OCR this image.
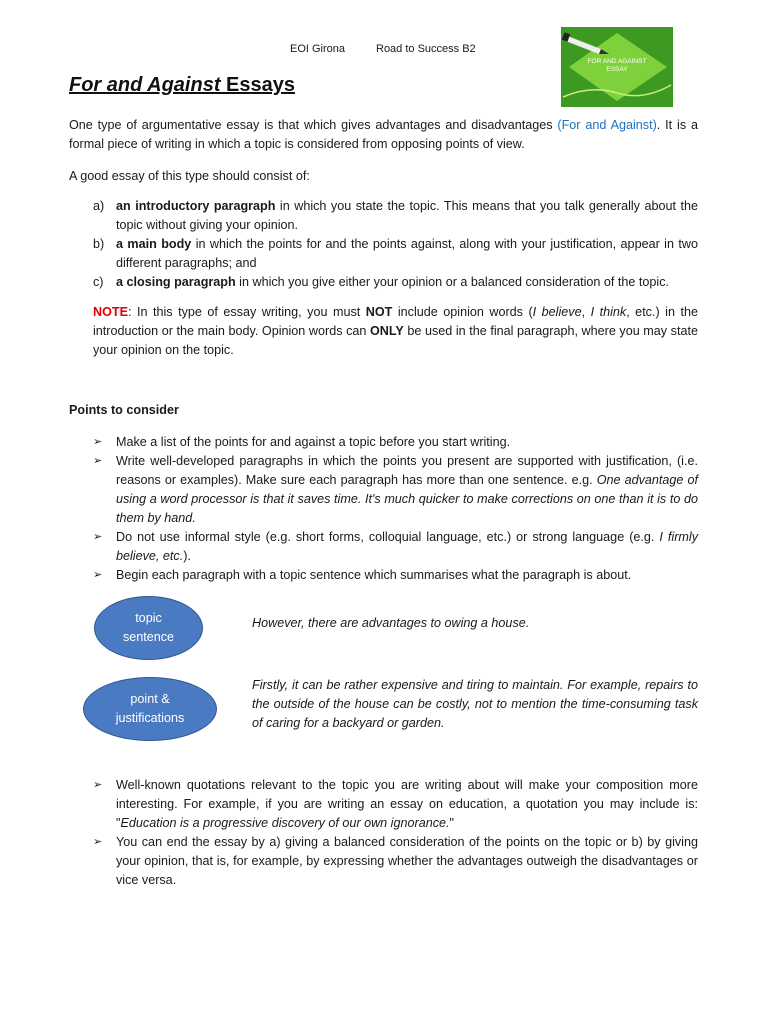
EOI Girona	Road to Success B2
FOR AND AGAINST
ESSAY
For and Against Essays

One type of argumentative essay is that which gives advantages and disadvantages (For and Against). It is a formal piece of writing in which a topic is considered from opposing points of view.

A good essay of this type should consist of:

a) an introductory paragraph in which you state the topic. This means that you talk generally about the topic without giving your opinion.
b) a main body in which the points for and the points against, along with your justification, appear in two different paragraphs; and
c) a closing paragraph in which you give either your opinion or a balanced consideration of the topic.

NOTE: In this type of essay writing, you must NOT include opinion words (I believe, I think, etc.) in the introduction or the main body. Opinion words can ONLY be used in the final paragraph, where you may state your opinion on the topic.

Points to consider
➢ Make a list of the points for and against a topic before you start writing.
➢ Write well-developed paragraphs in which the points you present are supported with justification, (i.e. reasons or examples). Make sure each paragraph has more than one sentence. e.g. One advantage of using a word processor is that it saves time. It's much quicker to make corrections on one than it is to do them by hand.
➢ Do not use informal style (e.g. short forms, colloquial language, etc.) or strong language (e.g. I firmly believe, etc.).
➢ Begin each paragraph with a topic sentence which summarises what the paragraph is about.
topic sentence
However, there are advantages to owing a house.
point & justifications
Firstly, it can be rather expensive and tiring to maintain. For example, repairs to the outside of the house can be costly, not to mention the time-consuming task of caring for a backyard or garden.
➢ Well-known quotations relevant to the topic you are writing about will make your composition more interesting. For example, if you are writing an essay on education, a quotation you may include is: "Education is a progressive discovery of our own ignorance."
➢ You can end the essay by a) giving a balanced consideration of the points on the topic or b) by giving your opinion, that is, for example, by expressing whether the advantages outweigh the disadvantages or vice versa.
